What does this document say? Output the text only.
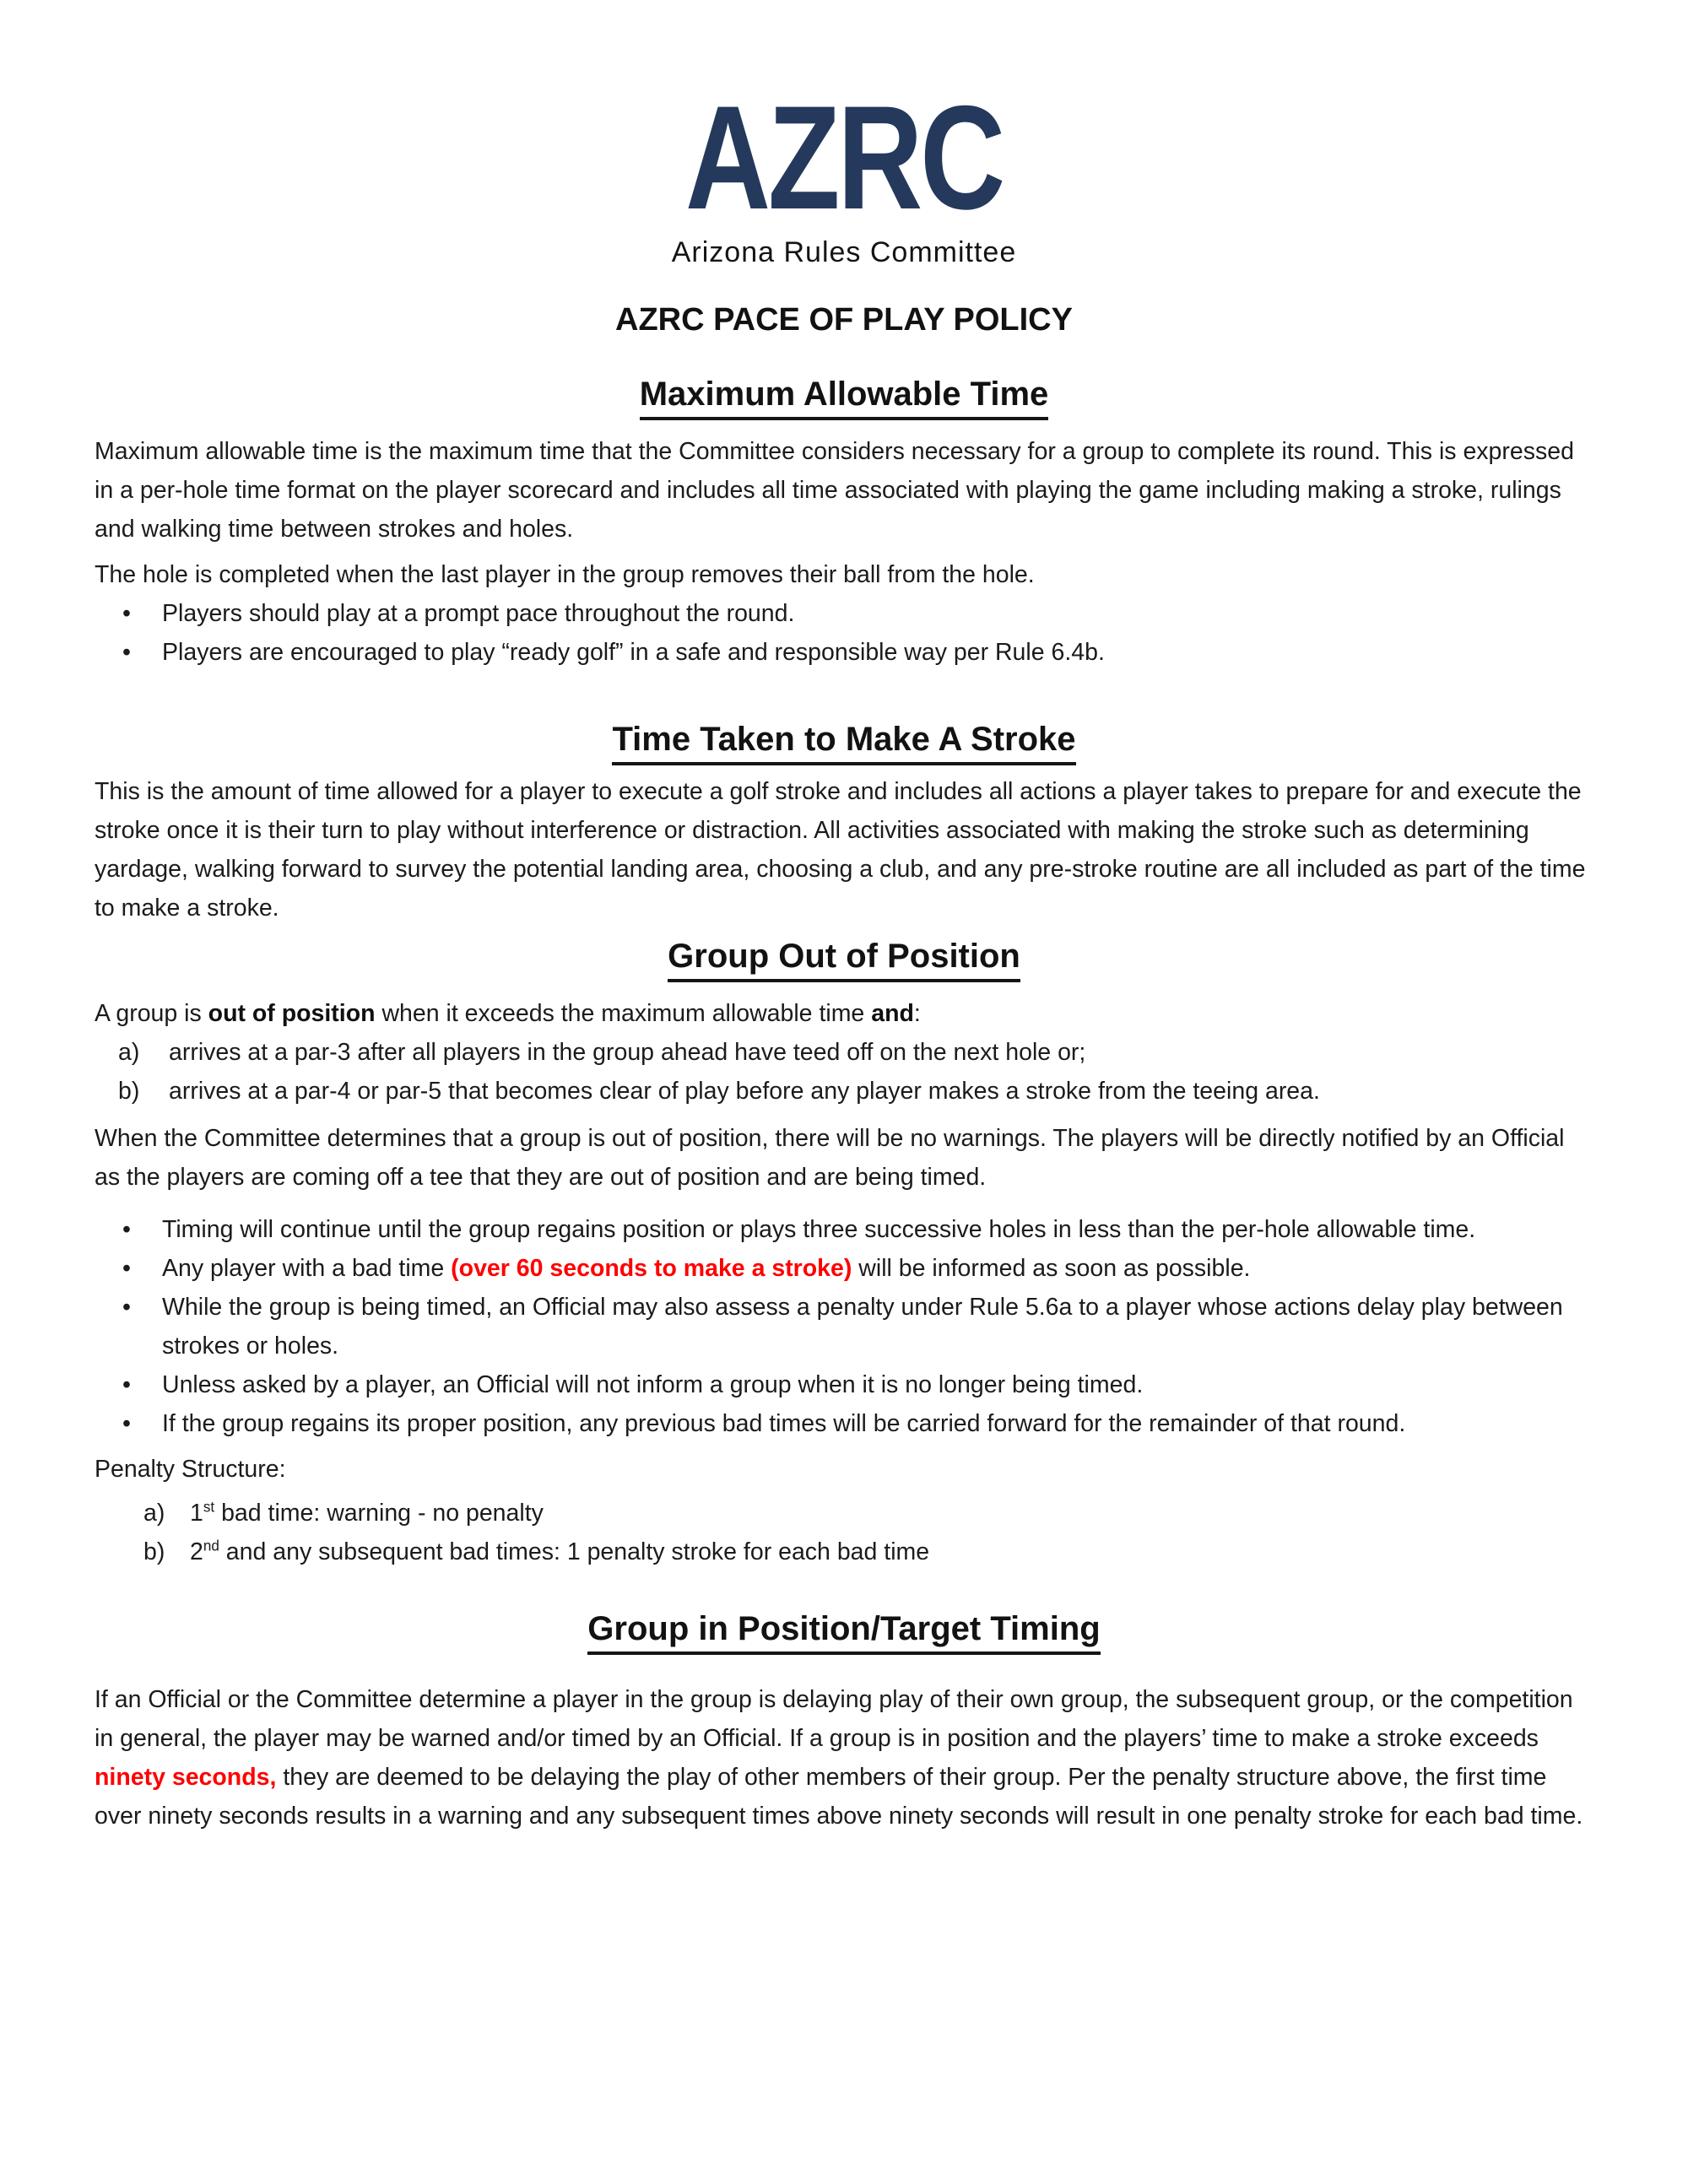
AZRC
Arizona Rules Committee
AZRC PACE OF PLAY POLICY
Maximum Allowable Time

Maximum allowable time is the maximum time that the Committee considers necessary for a group to complete its round. This is expressed in a per-hole time format on the player scorecard and includes all time associated with playing the game including making a stroke, rulings and walking time between strokes and holes.

The hole is completed when the last player in the group removes their ball from the hole.

• Players should play at a prompt pace throughout the round.
• Players are encouraged to play “ready golf” in a safe and responsible way per Rule 6.4b.
Time Taken to Make A Stroke

This is the amount of time allowed for a player to execute a golf stroke and includes all actions a player takes to prepare for and execute the stroke once it is their turn to play without interference or distraction. All activities associated with making the stroke such as determining yardage, walking forward to survey the potential landing area, choosing a club, and any pre-stroke routine are all included as part of the time to make a stroke.

Group Out of Position

A group is out of position when it exceeds the maximum allowable time and:

a) arrives at a par-3 after all players in the group ahead have teed off on the next hole or;
b) arrives at a par-4 or par-5 that becomes clear of play before any player makes a stroke from the teeing area.

When the Committee determines that a group is out of position, there will be no warnings. The players will be directly notified by an Official as the players are coming off a tee that they are out of position and are being timed.

• Timing will continue until the group regains position or plays three successive holes in less than the per-hole allowable time.
• Any player with a bad time (over 60 seconds to make a stroke) will be informed as soon as possible.
• While the group is being timed, an Official may also assess a penalty under Rule 5.6a to a player whose actions delay play between strokes or holes.
• Unless asked by a player, an Official will not inform a group when it is no longer being timed.
• If the group regains its proper position, any previous bad times will be carried forward for the remainder of that round.

Penalty Structure:

a) 1st bad time: warning - no penalty
b) 2nd and any subsequent bad times: 1 penalty stroke for each bad time
Group in Position/Target Timing

If an Official or the Committee determine a player in the group is delaying play of their own group, the subsequent group, or the competition in general, the player may be warned and/or timed by an Official. If a group is in position and the players’ time to make a stroke exceeds ninety seconds, they are deemed to be delaying the play of other members of their group. Per the penalty structure above, the first time over ninety seconds results in a warning and any subsequent times above ninety seconds will result in one penalty stroke for each bad time.
